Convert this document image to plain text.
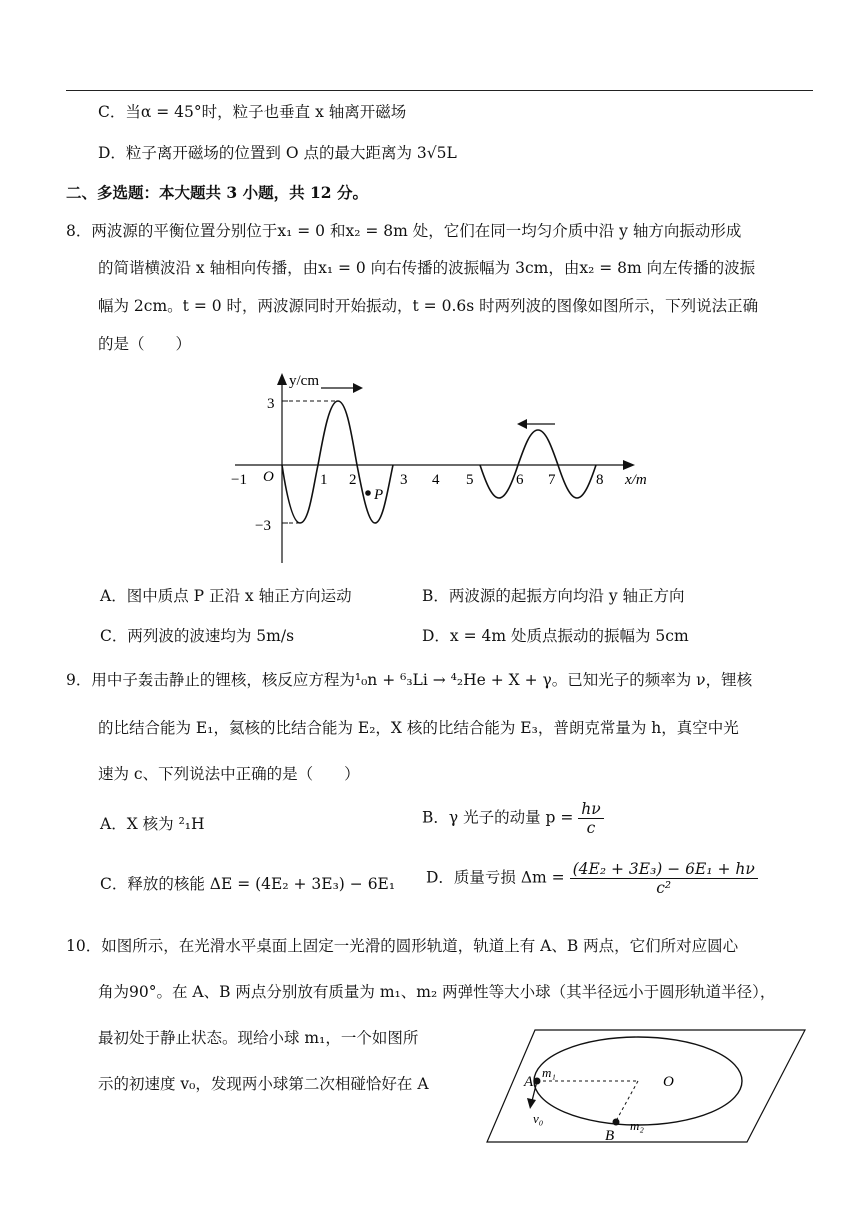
C．当α = 45°时，粒子也垂直 x 轴离开磁场
D．粒子离开磁场的位置到 O 点的最大距离为 3√5L
二、多选题：本大题共 3 小题，共 12 分。
8．两波源的平衡位置分别位于x₁ = 0 和x₂ = 8m 处，它们在同一均匀介质中沿 y 轴方向振动形成
的简谐横波沿 x 轴相向传播，由x₁ = 0 向右传播的波振幅为 3cm，由x₂ = 8m 向左传播的波振
幅为 2cm。t = 0 时，两波源同时开始振动，t = 0.6s 时两列波的图像如图所示，下列说法正确
的是（　　）
y/cm
x/m
O
3
−3
−1	1 2	3 4 5	6 7	8
P
A．图中质点 P 正沿 x 轴正方向运动	B．两波源的起振方向均沿 y 轴正方向
C．两列波的波速均为 5m/s	D．x = 4m 处质点振动的振幅为 5cm
9．用中子轰击静止的锂核，核反应方程为¹₀n + ⁶₃Li → ⁴₂He + X + γ。已知光子的频率为 ν，锂核
的比结合能为 E₁，氦核的比结合能为 E₂，X 核的比结合能为 E₃，普朗克常量为 h，真空中光
速为 c、下列说法中正确的是（　　）
A．X 核为 ²₁H	B．γ 光子的动量 $p = \frac{h\nu}{c}$
C．释放的核能 ΔE = (4E₂ + 3E₃) − 6E₁ D．质量亏损 $\Delta m = \frac{\text{(4E₂ + 3E₃) − 6E₁ + hν}}{\text{c²}}$
10．如图所示，在光滑水平桌面上固定一光滑的圆形轨道，轨道上有 A、B 两点，它们所对应圆心
角为90°。在 A、B 两点分别放有质量为 m₁、m₂ 两弹性等大小球（其半径远小于圆形轨道半径），
最初处于静止状态。现给小球 m₁，一个如图所
示的初速度 v₀，发现两小球第二次相碰恰好在 A	A
B
O
m₁
m₂
v₀
